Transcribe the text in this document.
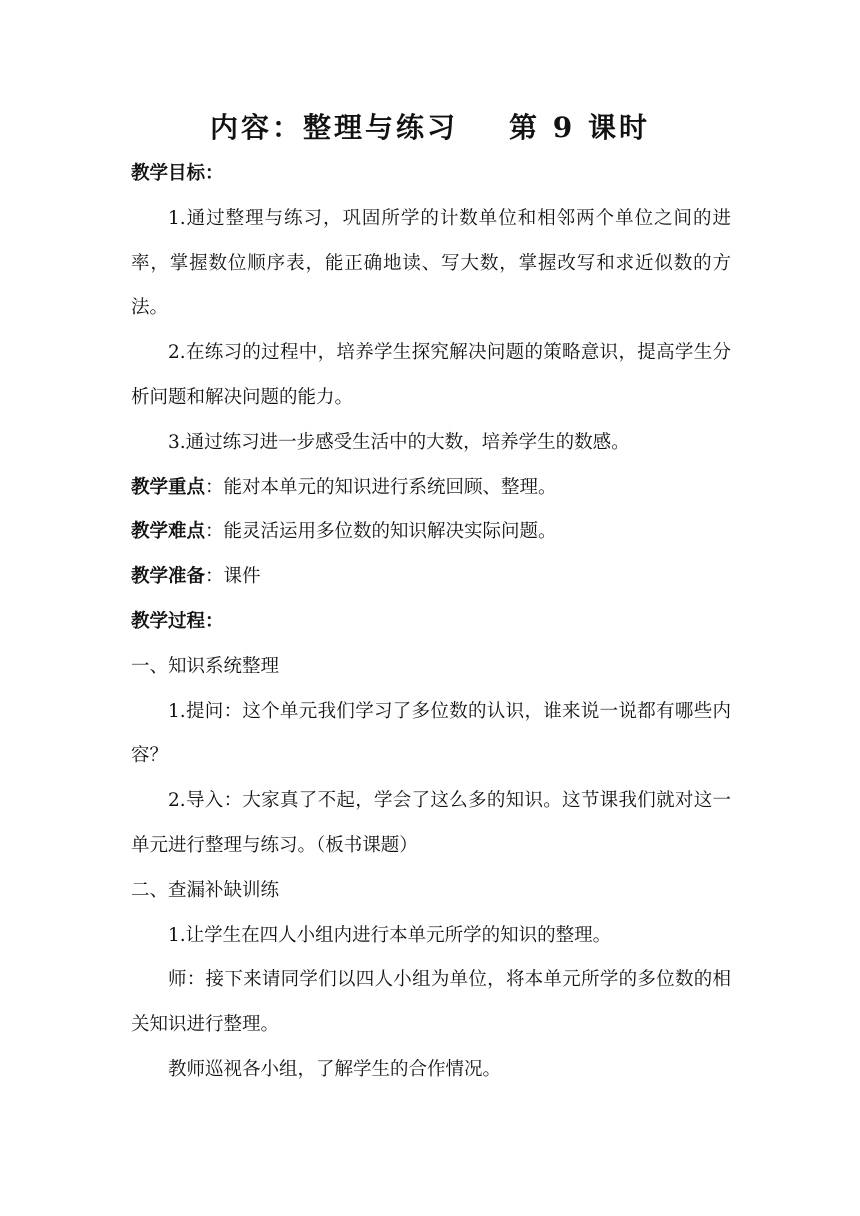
内容：整理与练习    第 9 课时
教学目标：
1.通过整理与练习，巩固所学的计数单位和相邻两个单位之间的进率，掌握数位顺序表，能正确地读、写大数，掌握改写和求近似数的方法。
2.在练习的过程中，培养学生探究解决问题的策略意识，提高学生分析问题和解决问题的能力。
3.通过练习进一步感受生活中的大数，培养学生的数感。
教学重点：能对本单元的知识进行系统回顾、整理。
教学难点：能灵活运用多位数的知识解决实际问题。
教学准备：课件
教学过程：
一、知识系统整理
1.提问：这个单元我们学习了多位数的认识，谁来说一说都有哪些内容？
2.导入：大家真了不起，学会了这么多的知识。这节课我们就对这一单元进行整理与练习。（板书课题）
二、查漏补缺训练
1.让学生在四人小组内进行本单元所学的知识的整理。
师：接下来请同学们以四人小组为单位，将本单元所学的多位数的相关知识进行整理。
教师巡视各小组，了解学生的合作情况。
